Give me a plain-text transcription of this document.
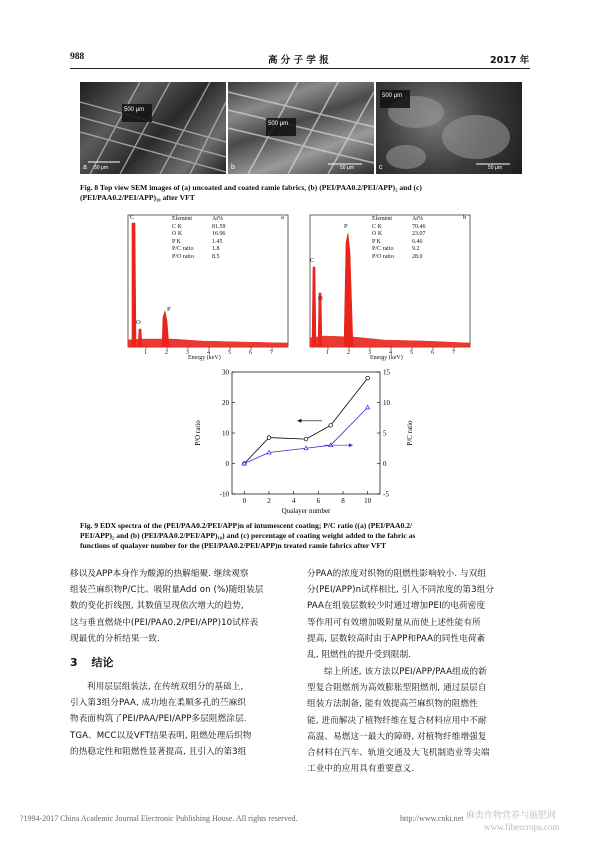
988	高 分 子 学 报	2017 年
500 μm
a 50 μm
500 μm
b	50 μm
500 μm
c	50 μm
Fig. 8 Top view SEM images of (a) uncoated and coated ramie fabrics, (b) (PEI/PAA0.2/PEI/APP)₂ and (c)
(PEI/PAA0.2/PEI/APP)₁₀ after VFT
C
O
P
a
Element	At%
C K	81.59
O K	16.96
P K	1.45
P/C ratio	1.8
P/O ratio	8.5
1	2	3	4	5	6	7
Energy (keV)
C
O
P
b
Element	At%
C K	70.46
O K	23.07
P K	6.46
P/C ratio	9.2
P/O ratio	28.0
1	2	3	4	5	6	7
Energy (keV)
0	2	4	6	8	10
-10
0
10
20
30
-5
0
5
10
15
Qualayer number
P/O ratio	P/C ratio
Fig. 9 EDX spectra of the (PEI/PAA0.2/PEI/APP)n of intumescent coating; P/C ratio ((a) (PEI/PAA0.2/
PEI/APP)₂ and (b) (PEI/PAA0.2/PEI/APP)₁₀) and (c) percentage of coating weight added to the fabric as
functions of qualayer number for the (PEI/PAA0.2/PEI/APP)n treated ramie fabrics after VFT
移以及APP本身作为酸源的热解缩聚. 继续观察
组装苎麻织物P/C比、吸附量Add on (%)随组装层
数的变化折线图, 其数值呈现依次增大的趋势,
这与垂直燃烧中(PEI/PAA0.2/PEI/APP)10试样表
现最优的分析结果一致.
3 结论
利用层层组装法, 在传统双组分的基础上,
引入第3组分PAA, 成功地在柔顺多孔的苎麻织
物表面构筑了PEI/PAA/PEI/APP多层阻燃涂层.
TGA、MCC以及VFT结果表明, 阻燃处理后织物
的热稳定性和阻燃性显著提高, 且引入的第3组
分PAA的浓度对织物的阻燃性影响较小. 与双组
分(PEI/APP)n试样相比, 引入不同浓度的第3组分
PAA在组装层数较少时通过增加PEI的电荷密度
等作用可有效增加吸附量从而使上述性能有所
提高, 层数较高时由于APP和PAA的同性电荷紊
乱, 阻燃性的提升受到限制.
综上所述, 该方法以PEI/APP/PAA组成的新
型复合阻燃剂为高效膨胀型阻燃剂, 通过层层自
组装方法制备, 能有效提高苎麻织物的阻燃性
能, 进而解决了植物纤维在复合材料应用中不耐
高温、易燃这一最大的障碍, 对植物纤维增强复
合材料在汽车、轨道交通及大飞机制造业等尖端
工业中的应用具有重要意义.
?1994-2017 China Academic Journal Electronic Publishing House. All rights reserved.	http://www.cnki.net 麻类作物营养与施肥网
www.fibercrops.com
